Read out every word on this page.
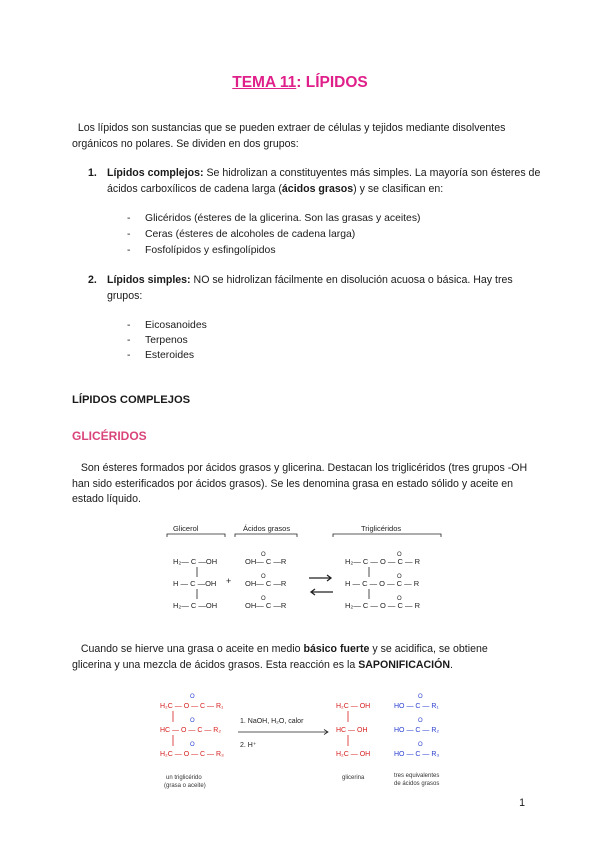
TEMA 11: LÍPIDOS
Los lípidos son sustancias que se pueden extraer de células y tejidos mediante disolventes orgánicos no polares. Se dividen en dos grupos:
1. Lípidos complejos: Se hidrolizan a constituyentes más simples. La mayoría son ésteres de ácidos carboxílicos de cadena larga (ácidos grasos) y se clasifican en:
- Glicéridos (ésteres de la glicerina. Son las grasas y aceites)
- Ceras (ésteres de alcoholes de cadena larga)
- Fosfolípidos y esfingolípidos
2. Lípidos simples: NO se hidrolizan fácilmente en disolución acuosa o básica. Hay tres grupos:
- Eicosanoides
- Terpenos
- Esteroides
LÍPIDOS COMPLEJOS
GLICÉRIDOS
Son ésteres formados por ácidos grasos y glicerina. Destacan los triglicéridos (tres grupos -OH han sido esterificados por ácidos grasos). Se les denomina grasa en estado sólido y aceite en estado líquido.
Glicerol	Ácidos grasos	Triglicéridos
H₂— C —OH
H — C —OH
H₂— C —OH
+
O
O
O
OH— C —R
OH— C —R
OH— C —R
O
O
O
H₂— C — O — C — R
H — C — O — C — R
H₂— C — O — C — R
Cuando se hierve una grasa o aceite en medio básico fuerte y se acidifica, se obtiene glicerina y una mezcla de ácidos grasos. Esta reacción es la SAPONIFICACIÓN.
O
O
O
H₂C — O — C — R₁
HC — O — C — R₂
H₂C — O — C — R₃
1. NaOH, H₂O, calor
2. H⁺
H₂C — OH
HC — OH
H₂C — OH
O
O
O
HO — C — R₁
HO — C — R₂
HO — C — R₃
un triglicérido
(grasa o aceite)
glicerina	tres equivalentes
de ácidos grasos
1
